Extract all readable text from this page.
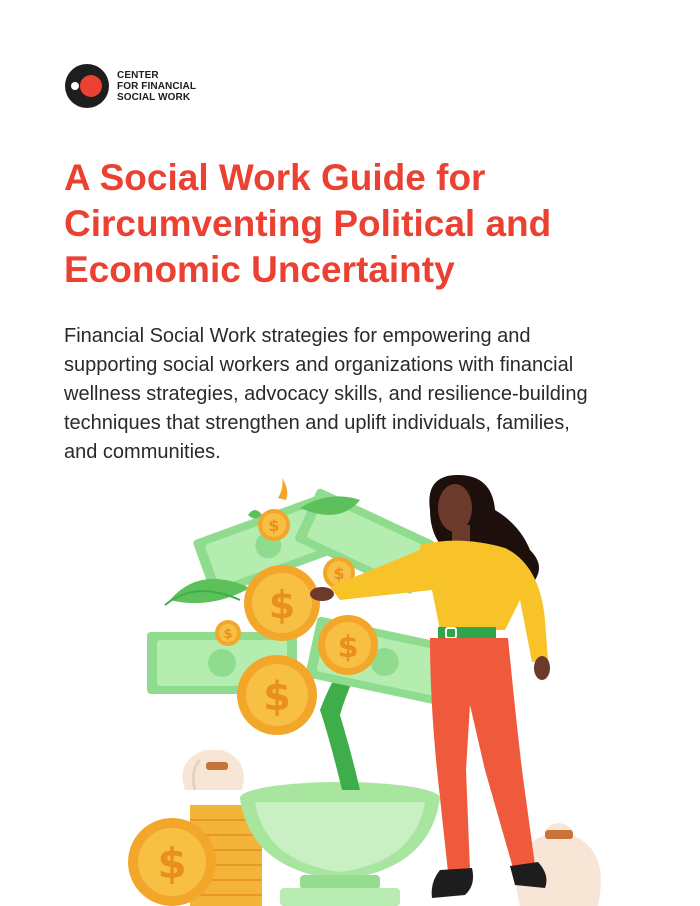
CENTER
FOR FINANCIAL
SOCIAL WORK
A Social Work Guide for
Circumventing Political and
Economic Uncertainty

Financial Social Work strategies for empowering and
supporting social workers and organizations with financial
wellness strategies, advocacy skills, and resilience-building
techniques that strengthen and uplift individuals, families,
and communities.

$
$
$
$
$
$
$
